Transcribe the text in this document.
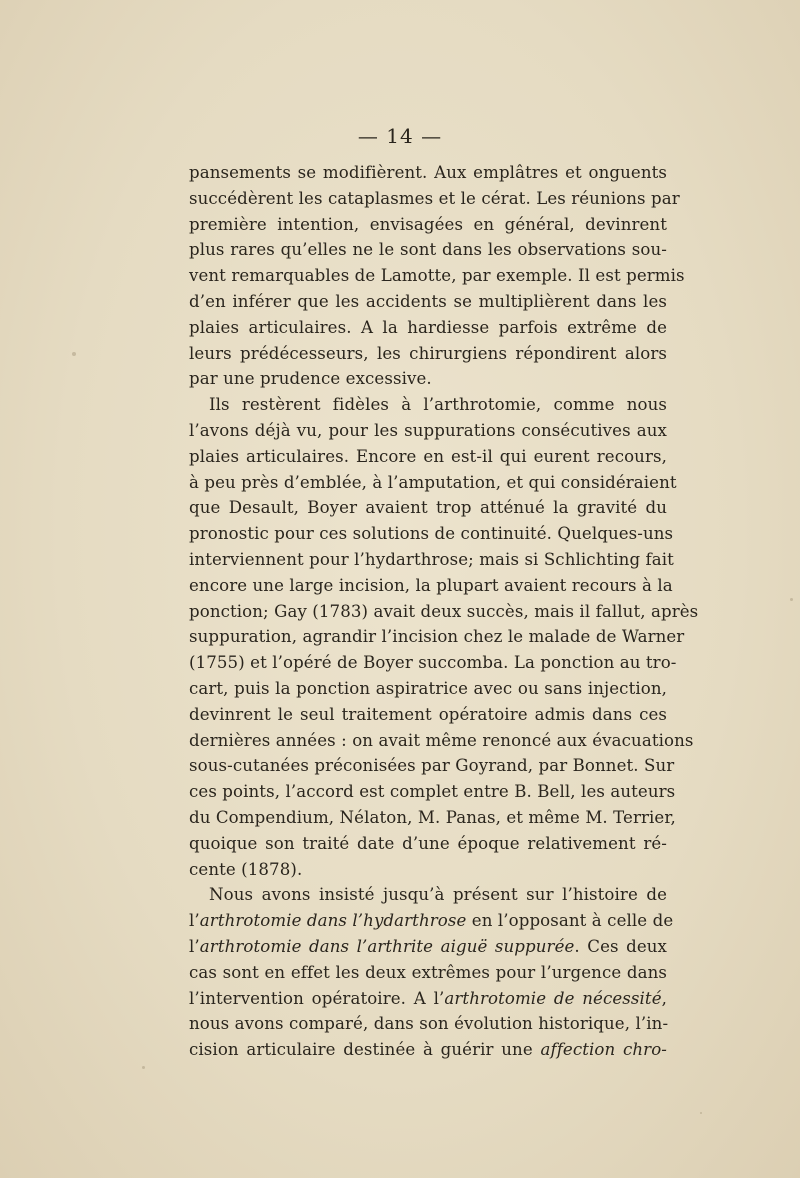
— 14 —
pansements se modifièrent. Aux emplâtres et onguents
succédèrent les cataplasmes et le cérat. Les réunions par
première intention, envisagées en général, devinrent
plus rares qu’elles ne le sont dans les observations sou-
vent remarquables de Lamotte, par exemple. Il est permis
d’en inférer que les accidents se multiplièrent dans les
plaies articulaires. A la hardiesse parfois extrême de
leurs prédécesseurs, les chirurgiens répondirent alors
par une prudence excessive.
Ils restèrent fidèles à l’arthrotomie, comme nous
l’avons déjà vu, pour les suppurations consécutives aux
plaies articulaires. Encore en est-il qui eurent recours,
à peu près d’emblée, à l’amputation, et qui considéraient
que Desault, Boyer avaient trop atténué la gravité du
pronostic pour ces solutions de continuité. Quelques-uns
interviennent pour l’hydarthrose; mais si Schlichting fait
encore une large incision, la plupart avaient recours à la
ponction; Gay (1783) avait deux succès, mais il fallut, après
suppuration, agrandir l’incision chez le malade de Warner
(1755) et l’opéré de Boyer succomba. La ponction au tro-
cart, puis la ponction aspiratrice avec ou sans injection,
devinrent le seul traitement opératoire admis dans ces
dernières années : on avait même renoncé aux évacuations
sous-cutanées préconisées par Goyrand, par Bonnet. Sur
ces points, l’accord est complet entre B. Bell, les auteurs
du Compendium, Nélaton, M. Panas, et même M. Terrier,
quoique son traité date d’une époque relativement ré-
cente (1878).
Nous avons insisté jusqu’à présent sur l’histoire de
l’arthrotomie dans l’hydarthrose en l’opposant à celle de
l’arthrotomie dans l’arthrite aiguë suppurée. Ces deux
cas sont en effet les deux extrêmes pour l’urgence dans
l’intervention opératoire. A l’arthrotomie de nécessité,
nous avons comparé, dans son évolution historique, l’in-
cision articulaire destinée à guérir une affection chro-
